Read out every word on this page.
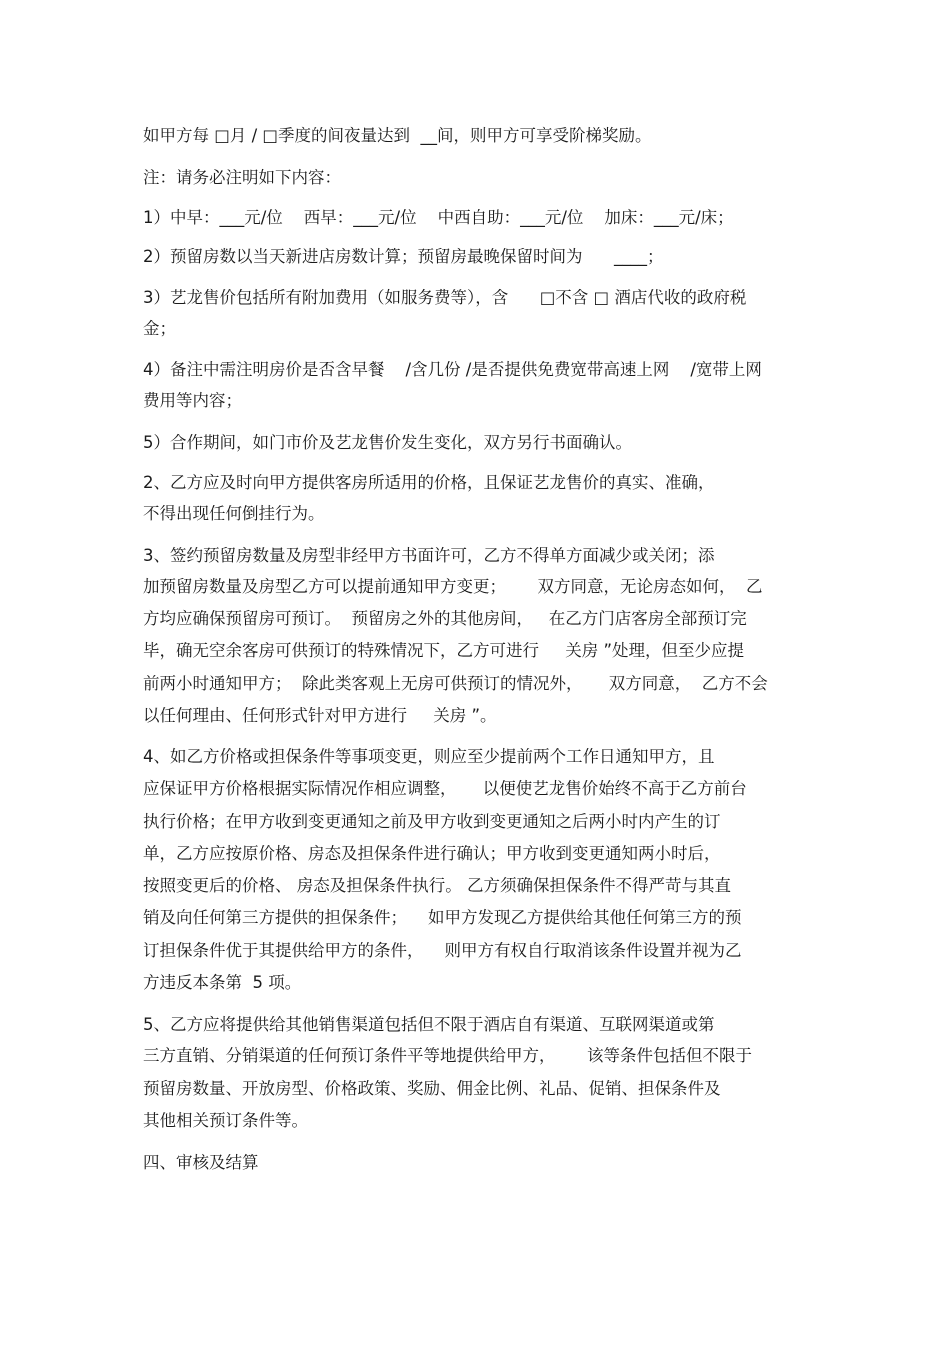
如甲方每 □月 / □季度的间夜量达到  __间，则甲方可享受阶梯奖励。

注：请务必注明如下内容：

1）中早：___元/位    西早：___元/位    中西自助：___元/位    加床：___元/床；

2）预留房数以当天新进店房数计算；预留房最晚保留时间为      ____；

3）艺龙售价包括所有附加费用（如服务费等），含      □不含 □ 酒店代收的政府税

金；

4）备注中需注明房价是否含早餐    /含几份 /是否提供免费宽带高速上网    /宽带上网

费用等内容；

5）合作期间，如门市价及艺龙售价发生变化，双方另行书面确认。

2、乙方应及时向甲方提供客房所适用的价格，且保证艺龙售价的真实、准确，

不得出现任何倒挂行为。

3、签约预留房数量及房型非经甲方书面许可，乙方不得单方面减少或关闭；添

加预留房数量及房型乙方可以提前通知甲方变更；      双方同意，无论房态如何，  乙

方均应确保预留房可预订。  预留房之外的其他房间，   在乙方门店客房全部预订完

毕，确无空余客房可供预订的特殊情况下，乙方可进行     关房 ”处理，但至少应提

前两小时通知甲方；  除此类客观上无房可供预订的情况外，     双方同意，  乙方不会

以任何理由、任何形式针对甲方进行     关房 ”。

4、如乙方价格或担保条件等事项变更，则应至少提前两个工作日通知甲方，且

应保证甲方价格根据实际情况作相应调整，     以便使艺龙售价始终不高于乙方前台

执行价格；在甲方收到变更通知之前及甲方收到变更通知之后两小时内产生的订

单，乙方应按原价格、房态及担保条件进行确认；甲方收到变更通知两小时后，

按照变更后的价格、 房态及担保条件执行。 乙方须确保担保条件不得严苛与其直

销及向任何第三方提供的担保条件；    如甲方发现乙方提供给其他任何第三方的预

订担保条件优于其提供给甲方的条件，    则甲方有权自行取消该条件设置并视为乙

方违反本条第  5 项。

5、乙方应将提供给其他销售渠道包括但不限于酒店自有渠道、互联网渠道或第

三方直销、分销渠道的任何预订条件平等地提供给甲方，      该等条件包括但不限于

预留房数量、开放房型、价格政策、奖励、佣金比例、礼品、促销、担保条件及

其他相关预订条件等。

四、审核及结算
